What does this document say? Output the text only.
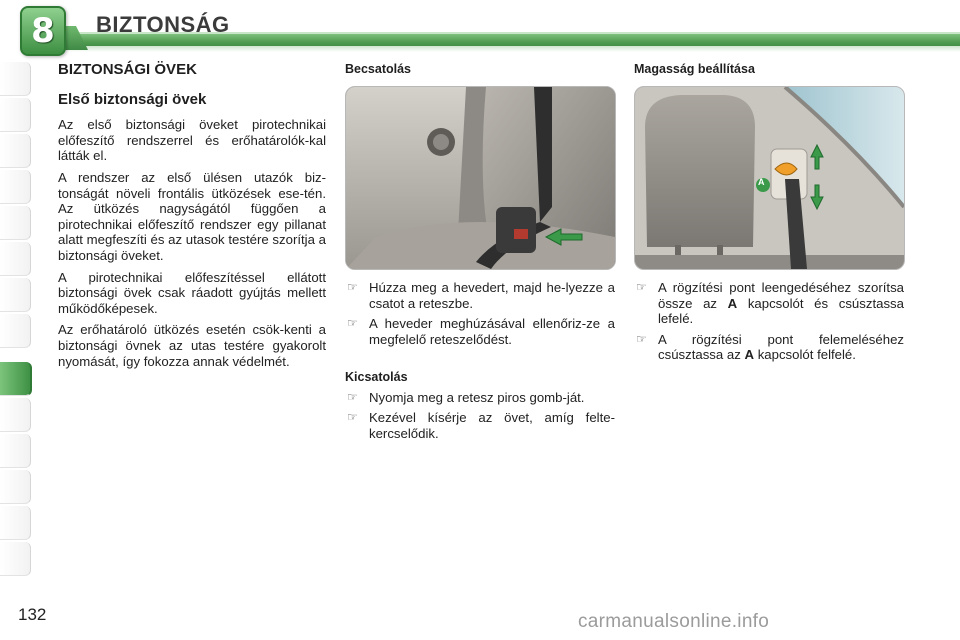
8 BIZTONSÁG
BIZTONSÁGI ÖVEK
Első biztonsági övek

Az első biztonsági öveket pirotechnikai előfeszítő rendszerrel és erőhatárolók-kal látták el.

A rendszer az első ülésen utazók biz-tonságát növeli frontális ütközések ese-tén. Az ütközés nagyságától függően a pirotechnikai előfeszítő rendszer egy pillanat alatt megfeszíti és az utasok testére szorítja a biztonsági öveket.

A pirotechnikai előfeszítéssel ellátott biztonsági övek csak ráadott gyújtás mellett működőképesek.

Az erőhatároló ütközés esetén csök-kenti a biztonsági övnek az utas testére gyakorolt nyomását, így fokozza annak védelmét.

Becsatolás
☞ Húzza meg a hevedert, majd he-lyezze a csatot a reteszbe.
☞ A heveder meghúzásával ellenőriz-ze a megfelelő reteszelődést.
Kicsatolás
☞ Nyomja meg a retesz piros gomb-ját.
☞ Kezével kísérje az övet, amíg felte-kercselődik.
Magasság beállítása
A
☞ A rögzítési pont leengedéséhez szorítsa össze az A kapcsolót és csúsztassa lefelé.
☞ A rögzítési pont felemeléséhez csúsztassa az A kapcsolót felfelé.
132	carmanualsonline.info
